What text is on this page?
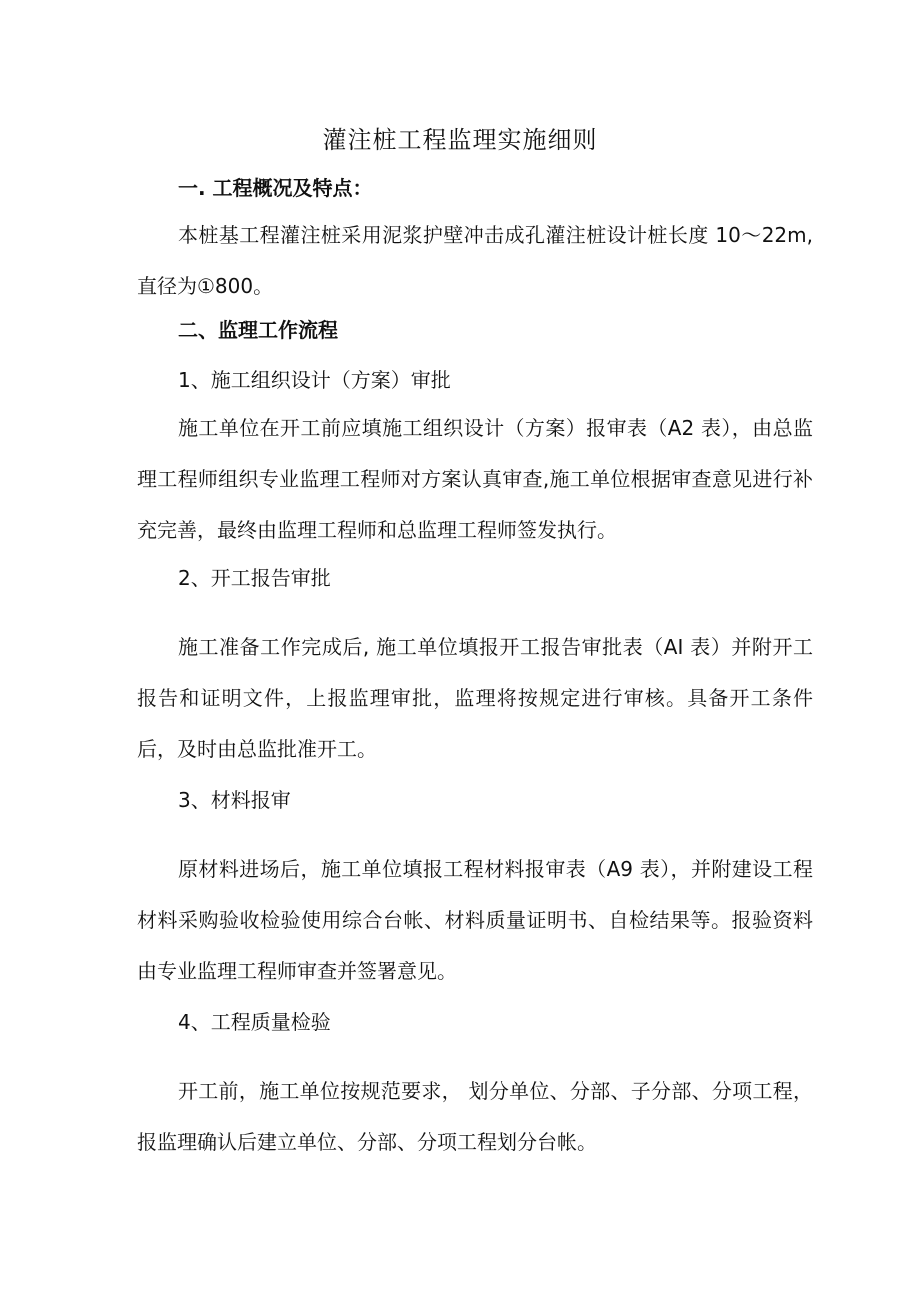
灌注桩工程监理实施细则
一. 工程概况及特点：

本桩基工程灌注桩采用泥浆护壁冲击成孔灌注桩设计桩长度 10～22m, 直径为①800。

二、监理工作流程
1、施工组织设计（方案）审批

施工单位在开工前应填施工组织设计（方案）报审表（A2 表），由总监理工程师组织专业监理工程师对方案认真审查,施工单位根据审查意见进行补充完善，最终由监理工程师和总监理工程师签发执行。

2、开工报告审批

施工准备工作完成后, 施工单位填报开工报告审批表（AI 表）并附开工报告和证明文件，上报监理审批，监理将按规定进行审核。具备开工条件后，及时由总监批准开工。

3、材料报审

原材料进场后，施工单位填报工程材料报审表（A9 表），并附建设工程材料采购验收检验使用综合台帐、材料质量证明书、自检结果等。报验资料由专业监理工程师审查并签署意见。

4、工程质量检验

开工前，施工单位按规范要求， 划分单位、分部、子分部、分项工程，报监理确认后建立单位、分部、分项工程划分台帐。
